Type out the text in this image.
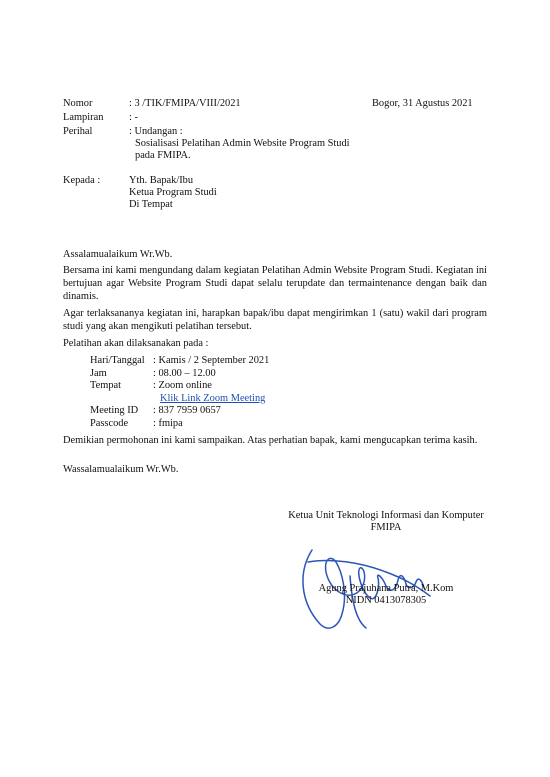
Nomor	: 3 /TIK/FMIPA/VIII/2021	Bogor, 31 Agustus 2021
Lampiran : -
Perihal	: Undangan :
Sosialisasi Pelatihan Admin Website Program Studi
pada FMIPA.
Kepada :	Yth. Bapak/Ibu
Ketua Program Studi
Di Tempat
Assalamualaikum Wr.Wb.
Bersama ini kami mengundang dalam kegiatan Pelatihan Admin Website Program Studi. Kegiatan ini bertujuan agar Website Program Studi dapat selalu terupdate dan termaintenance dengan baik dan dinamis.
Agar terlaksananya kegiatan ini, harapkan bapak/ibu dapat mengirimkan 1 (satu) wakil dari program studi yang akan mengikuti pelatihan tersebut.
Pelatihan akan dilaksanakan pada :
Hari/Tanggal : Kamis / 2 September 2021
Jam	: 08.00 – 12.00
Tempat	: Zoom online
Klik Link Zoom Meeting
Meeting ID : 837 7959 0657
Passcode : fmipa
Demikian permohonan ini kami sampaikan. Atas perhatian bapak, kami mengucapkan terima kasih.
Wassalamualaikum Wr.Wb.
Ketua Unit Teknologi Informasi dan Komputer
FMIPA
Agung Prajuhana Putra, M.Kom
NIDN 0413078305
